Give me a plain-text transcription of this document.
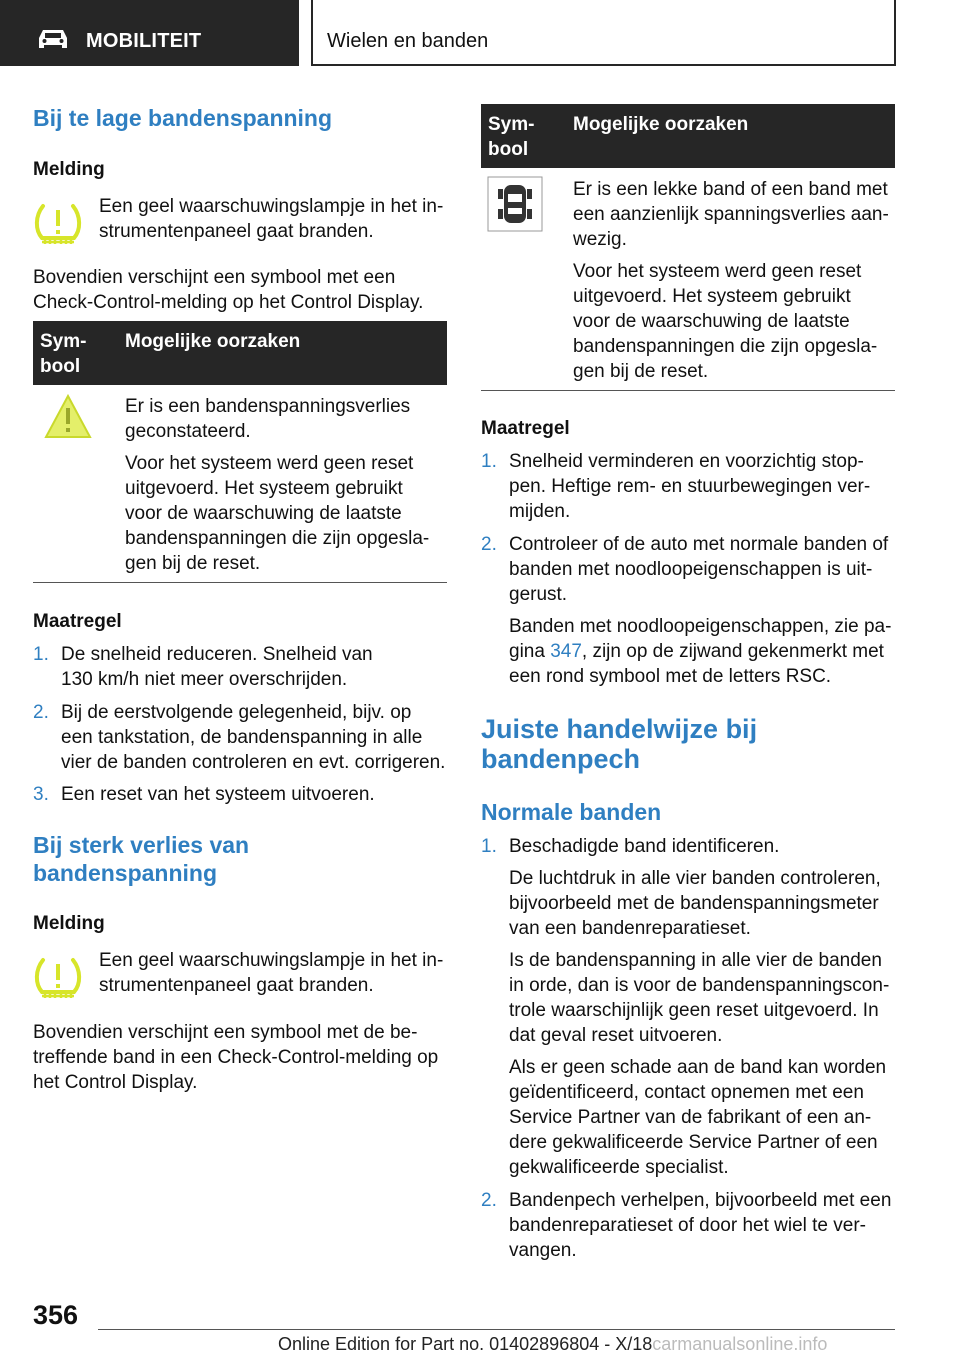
MOBILITEIT	Wielen en banden
Bij te lage bandenspanning
Melding
Een geel waarschuwingslampje in het in-
strumentenpaneel gaat branden.
Bovendien verschijnt een symbool met een
Check-Control-melding op het Control Display.
Sym-
bool
Mogelijke oorzaken
Er is een bandenspanningsverlies
geconstateerd.
Voor het systeem werd geen reset
uitgevoerd. Het systeem gebruikt
voor de waarschuwing de laatste
bandenspanningen die zijn opgesla-
gen bij de reset.
Maatregel
1. De snelheid reduceren. Snelheid van
130 km/h niet meer overschrijden.
2. Bij de eerstvolgende gelegenheid, bijv. op
een tankstation, de bandenspanning in alle
vier de banden controleren en evt. corrigeren.
3. Een reset van het systeem uitvoeren.
Bij sterk verlies van
bandenspanning
Melding
Een geel waarschuwingslampje in het in-
strumentenpaneel gaat branden.
Bovendien verschijnt een symbool met de be-
treffende band in een Check-Control-melding op
het Control Display.
Sym-
bool
Mogelijke oorzaken
Er is een lekke band of een band met
een aanzienlijk spanningsverlies aan-
wezig.
Voor het systeem werd geen reset
uitgevoerd. Het systeem gebruikt
voor de waarschuwing de laatste
bandenspanningen die zijn opgesla-
gen bij de reset.
Maatregel
1. Snelheid verminderen en voorzichtig stop-
pen. Heftige rem- en stuurbewegingen ver-
mijden.
2. Controleer of de auto met normale banden of
banden met noodloopeigenschappen is uit-
gerust.
Banden met noodloopeigenschappen, zie pa-
gina 347, zijn op de zijwand gekenmerkt met
een rond symbool met de letters RSC.
Juiste handelwijze bij
bandenpech
Normale banden
1. Beschadigde band identificeren.
De luchtdruk in alle vier banden controleren,
bijvoorbeeld met de bandenspanningsmeter
van een bandenreparatieset.
Is de bandenspanning in alle vier de banden
in orde, dan is voor de bandenspanningscon-
trole waarschijnlijk geen reset uitgevoerd. In
dat geval reset uitvoeren.
Als er geen schade aan de band kan worden
geïdentificeerd, contact opnemen met een
Service Partner van de fabrikant of een an-
dere gekwalificeerde Service Partner of een
gekwalificeerde specialist.
2. Bandenpech verhelpen, bijvoorbeeld met een
bandenreparatieset of door het wiel te ver-
vangen.
356
Online Edition for Part no. 01402896804 - X/18carmanualsonline.info
